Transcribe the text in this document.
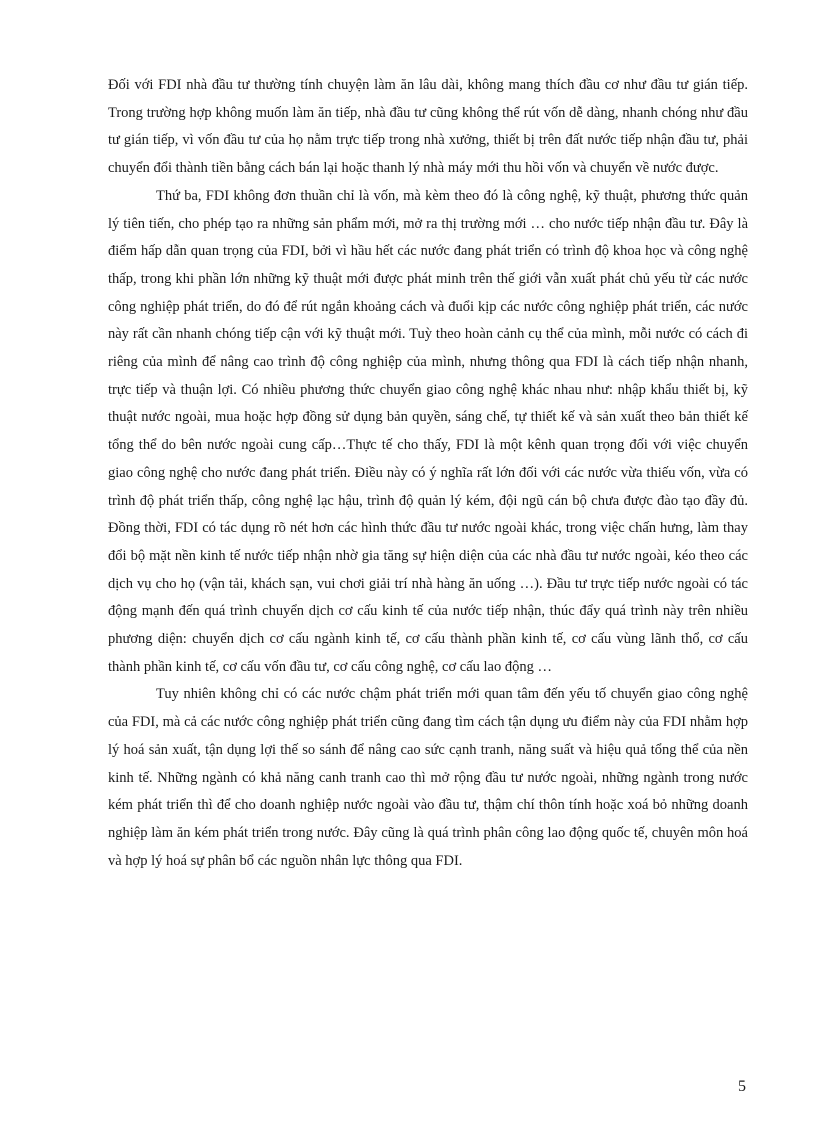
Đối với FDI nhà đầu tư thường tính chuyện làm ăn lâu dài, không mang thích đầu cơ như đầu tư gián tiếp. Trong trường hợp không muốn làm ăn tiếp, nhà đầu tư cũng không thể rút vốn dễ dàng, nhanh chóng như đầu tư gián tiếp, vì vốn đầu tư của họ nằm trực tiếp trong nhà xưởng, thiết bị trên đất nước tiếp nhận đầu tư, phải chuyển đổi thành tiền bằng cách bán lại hoặc thanh lý nhà máy mới thu hồi vốn và chuyển về nước được.

Thứ ba, FDI không đơn thuần chỉ là vốn, mà kèm theo đó là công nghệ, kỹ thuật, phương thức quản lý tiên tiến, cho phép tạo ra những sản phẩm mới, mở ra thị trường mới … cho nước tiếp nhận đầu tư. Đây là điểm hấp dẫn quan trọng của FDI, bởi vì hầu hết các nước đang phát triển có trình độ khoa học và công nghệ thấp, trong khi phần lớn những kỹ thuật mới được phát minh trên thế giới vẫn xuất phát chủ yếu từ các nước công nghiệp phát triển, do đó để rút ngắn khoảng cách và đuổi kịp các nước công nghiệp phát triển, các nước này rất cần nhanh chóng tiếp cận với kỹ thuật mới. Tuỳ theo hoàn cảnh cụ thể của mình, mỗi nước có cách đi riêng của mình để nâng cao trình độ công nghiệp của mình, nhưng thông qua FDI là cách tiếp nhận nhanh, trực tiếp và thuận lợi. Có nhiều phương thức chuyển giao công nghệ khác nhau như: nhập khẩu thiết bị, kỹ thuật nước ngoài, mua hoặc hợp đồng sử dụng bản quyền, sáng chế, tự thiết kế và sản xuất theo bản thiết kế tổng thể do bên nước ngoài cung cấp…Thực tế cho thấy, FDI là một kênh quan trọng đối với việc chuyển giao công nghệ cho nước đang phát triển. Điều này có ý nghĩa rất lớn đối với các nước vừa thiếu vốn, vừa có trình độ phát triển thấp, công nghệ lạc hậu, trình độ quản lý kém, đội ngũ cán bộ chưa được đào tạo đầy đủ. Đồng thời, FDI có tác dụng rõ nét hơn các hình thức đầu tư nước ngoài khác, trong việc chấn hưng, làm thay đổi bộ mặt nền kinh tế nước tiếp nhận nhờ gia tăng sự hiện diện của các nhà đầu tư nước ngoài, kéo theo các dịch vụ cho họ (vận tải, khách sạn, vui chơi giải trí nhà hàng ăn uống …). Đầu tư trực tiếp nước ngoài có tác động mạnh đến quá trình chuyển dịch cơ cấu kinh tế của nước tiếp nhận, thúc đẩy quá trình này trên nhiều phương diện: chuyển dịch cơ cấu ngành kinh tế, cơ cấu thành phần kinh tế, cơ cấu vùng lãnh thổ, cơ cấu thành phần kinh tế, cơ cấu vốn đầu tư, cơ cấu công nghệ, cơ cấu lao động …

Tuy nhiên không chỉ có các nước chậm phát triển mới quan tâm đến yếu tố chuyển giao công nghệ của FDI, mà cả các nước công nghiệp phát triển cũng đang tìm cách tận dụng ưu điểm này của FDI nhằm hợp lý hoá sản xuất, tận dụng lợi thế so sánh để nâng cao sức cạnh tranh, năng suất và hiệu quả tổng thể của nền kinh tế. Những ngành có khả năng canh tranh cao thì mở rộng đầu tư nước ngoài, những ngành trong nước kém phát triển thì để cho doanh nghiệp nước ngoài vào đầu tư, thậm chí thôn tính hoặc xoá bỏ những doanh nghiệp làm ăn kém phát triển trong nước. Đây cũng là quá trình phân công lao động quốc tế, chuyên môn hoá và hợp lý hoá sự phân bổ các nguồn nhân lực thông qua FDI.

5
